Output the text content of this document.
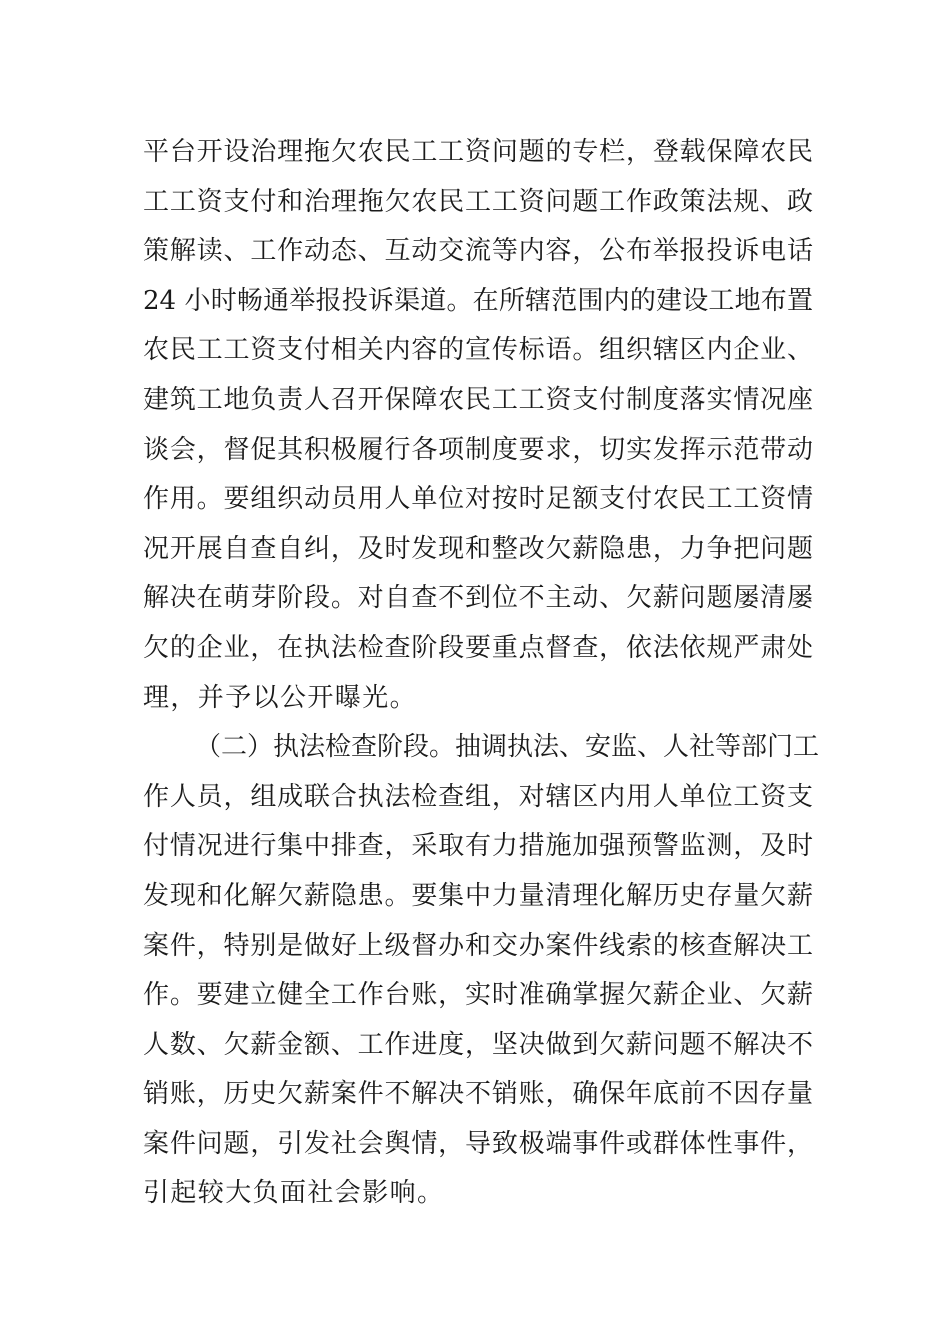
平台开设治理拖欠农民工工资问题的专栏，登载保障农民
工工资支付和治理拖欠农民工工资问题工作政策法规、政
策解读、工作动态、互动交流等内容，公布举报投诉电话
24 小时畅通举报投诉渠道。在所辖范围内的建设工地布置
农民工工资支付相关内容的宣传标语。组织辖区内企业、
建筑工地负责人召开保障农民工工资支付制度落实情况座
谈会，督促其积极履行各项制度要求，切实发挥示范带动
作用。要组织动员用人单位对按时足额支付农民工工资情
况开展自查自纠，及时发现和整改欠薪隐患，力争把问题
解决在萌芽阶段。对自查不到位不主动、欠薪问题屡清屡
欠的企业，在执法检查阶段要重点督查，依法依规严肃处
理，并予以公开曝光。
（二）执法检查阶段。抽调执法、安监、人社等部门工
作人员，组成联合执法检查组，对辖区内用人单位工资支
付情况进行集中排查，采取有力措施加强预警监测，及时
发现和化解欠薪隐患。要集中力量清理化解历史存量欠薪
案件，特别是做好上级督办和交办案件线索的核查解决工
作。要建立健全工作台账，实时准确掌握欠薪企业、欠薪
人数、欠薪金额、工作进度，坚决做到欠薪问题不解决不
销账，历史欠薪案件不解决不销账，确保年底前不因存量
案件问题，引发社会舆情，导致极端事件或群体性事件，
引起较大负面社会影响。
